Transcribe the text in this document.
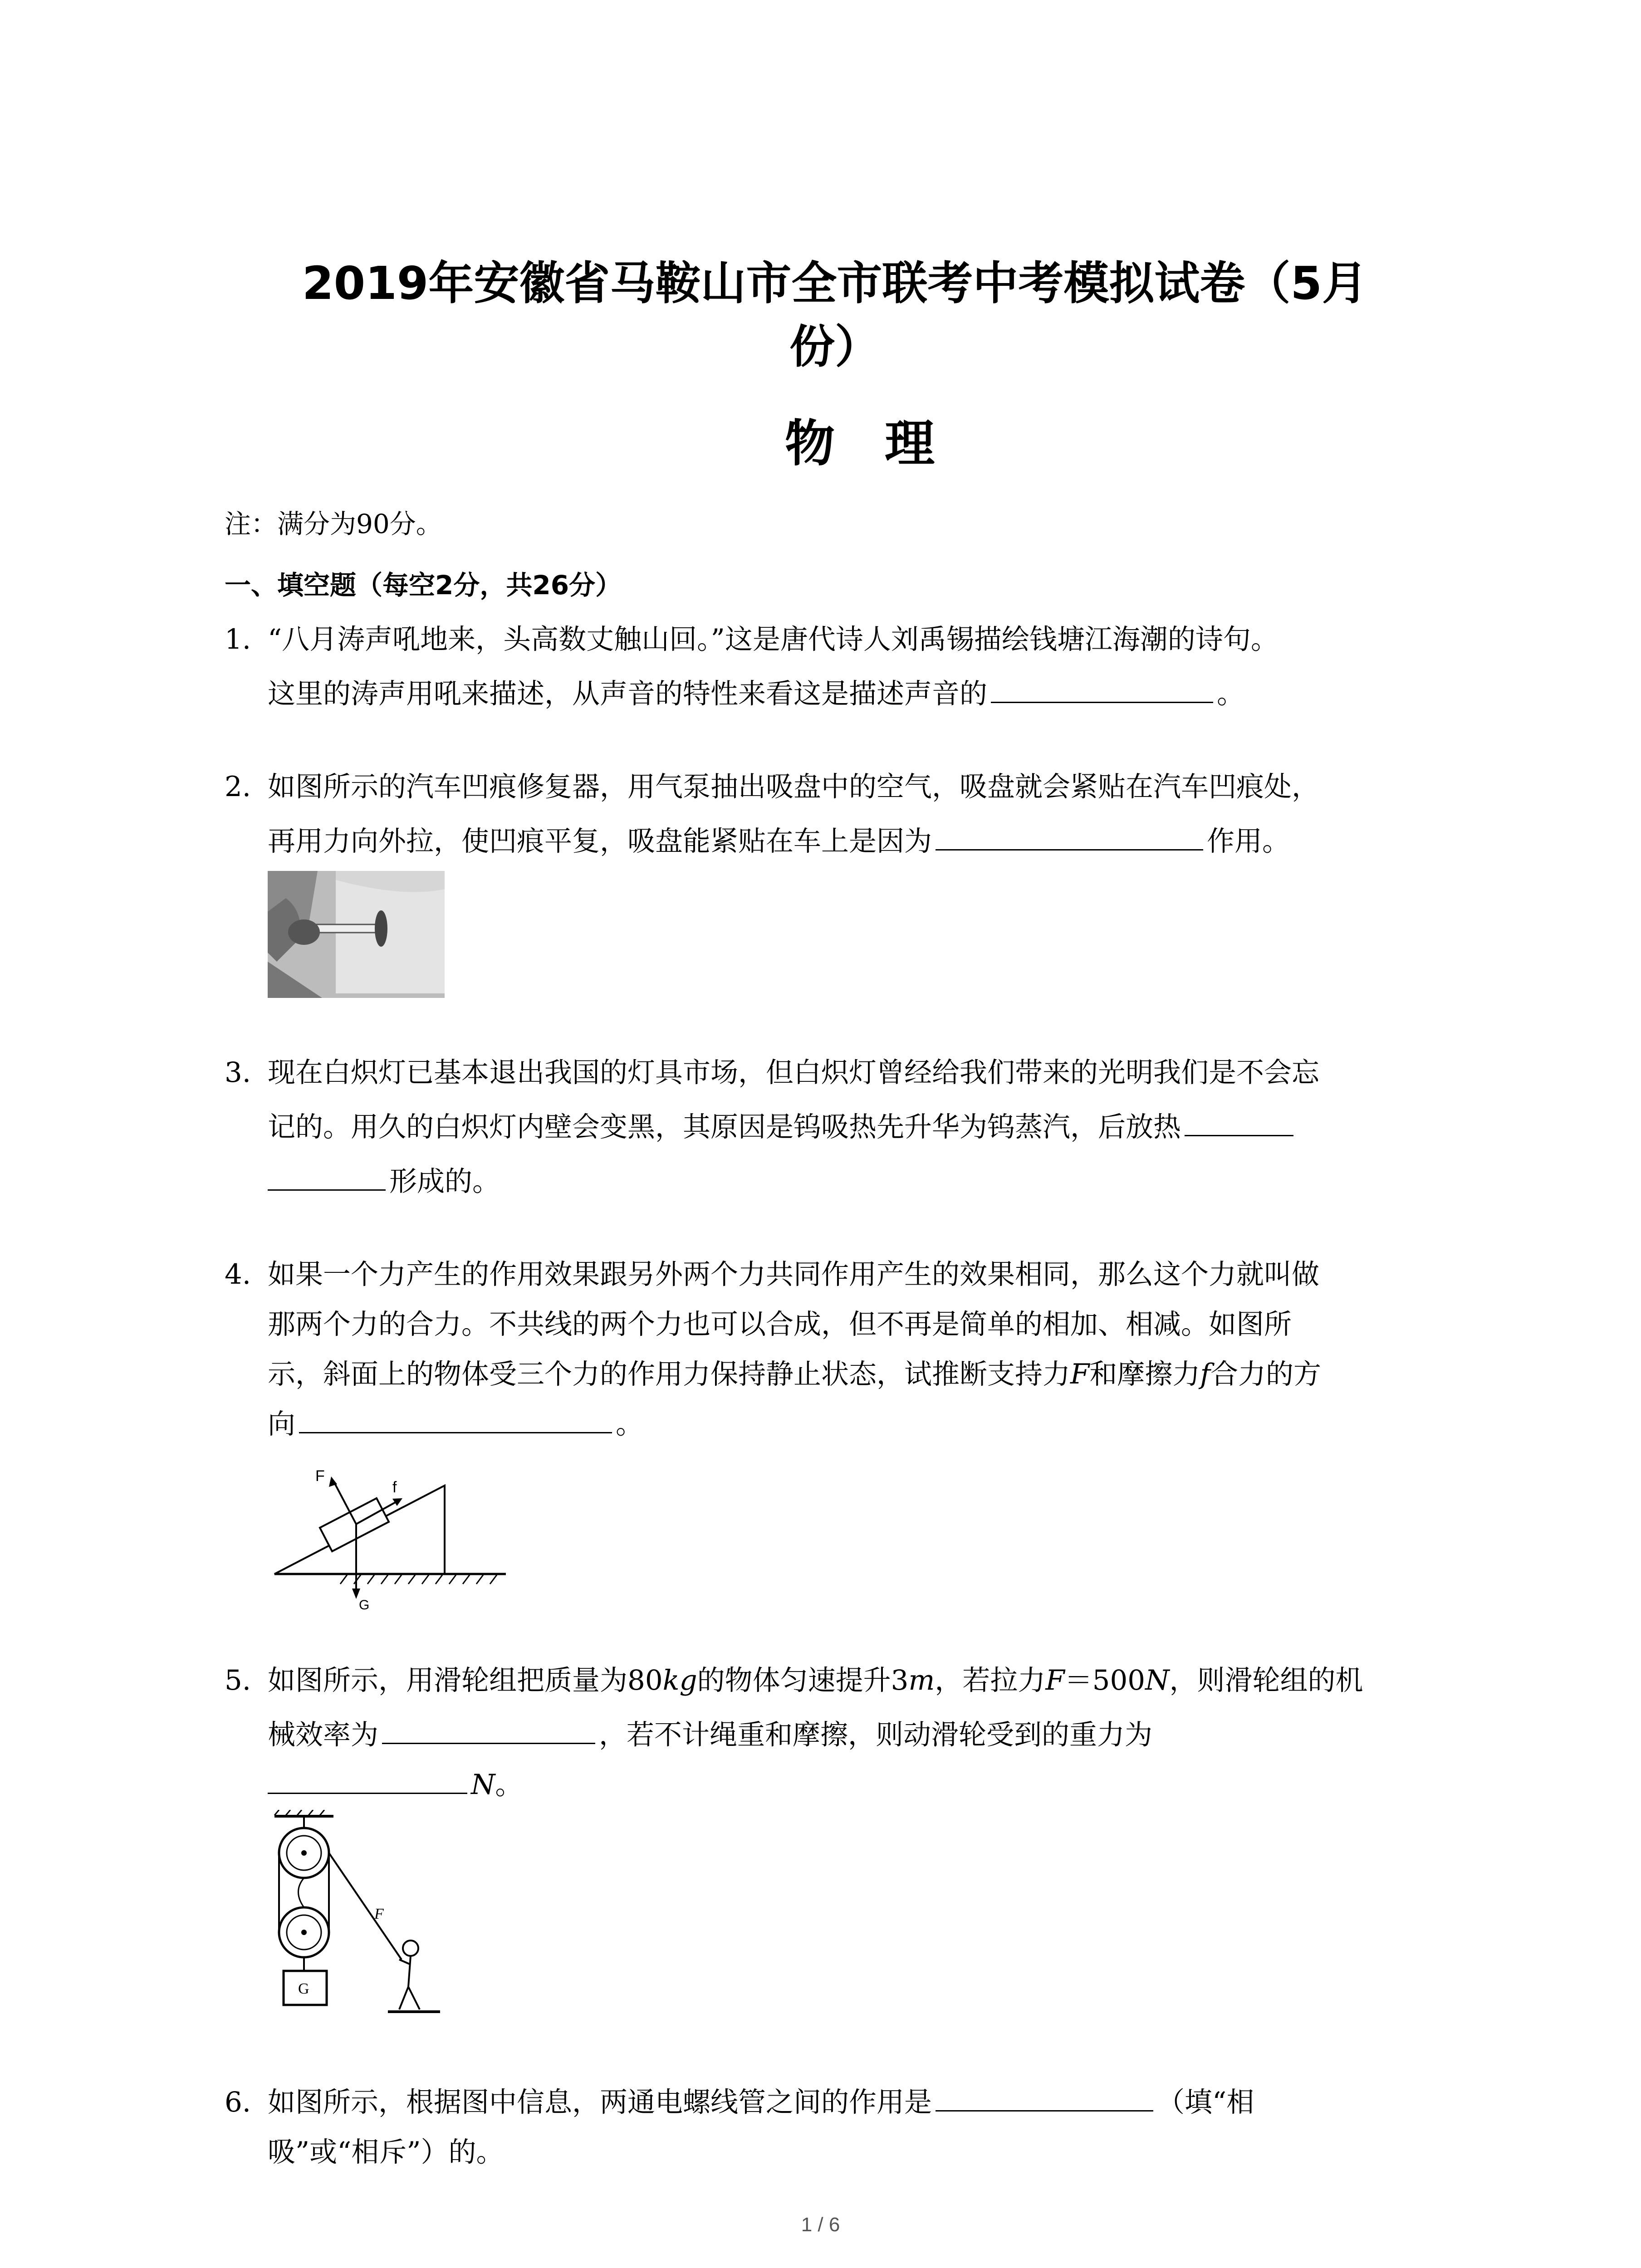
2019年安徽省马鞍山市全市联考中考模拟试卷（5月
份）
物理
注：满分为90分。
一、填空题（每空2分，共26分）
1. “八月涛声吼地来，头高数丈触山回。”这是唐代诗人刘禹锡描绘钱塘江海潮的诗句。
这里的涛声用吼来描述，从声音的特性来看这是描述声音的	。
2. 如图所示的汽车凹痕修复器，用气泵抽出吸盘中的空气，吸盘就会紧贴在汽车凹痕处，
再用力向外拉，使凹痕平复，吸盘能紧贴在车上是因为	作用。
3. 现在白炽灯已基本退出我国的灯具市场，但白炽灯曾经给我们带来的光明我们是不会忘
记的。用久的白炽灯内壁会变黑，其原因是钨吸热先升华为钨蒸汽，后放热
形成的。
4. 如果一个力产生的作用效果跟另外两个力共同作用产生的效果相同，那么这个力就叫做
那两个力的合力。不共线的两个力也可以合成，但不再是简单的相加、相减。如图所
示，斜面上的物体受三个力的作用力保持静止状态，试推断支持力F和摩擦力f合力的方
向	。
F
f
G
5. 如图所示，用滑轮组把质量为80kg的物体匀速提升3m，若拉力F＝500N，则滑轮组的机
械效率为	，若不计绳重和摩擦，则动滑轮受到的重力为
N。
G
F
6. 如图所示，根据图中信息，两通电螺线管之间的作用是	（填“相
吸”或“相斥”）的。
1 / 6
